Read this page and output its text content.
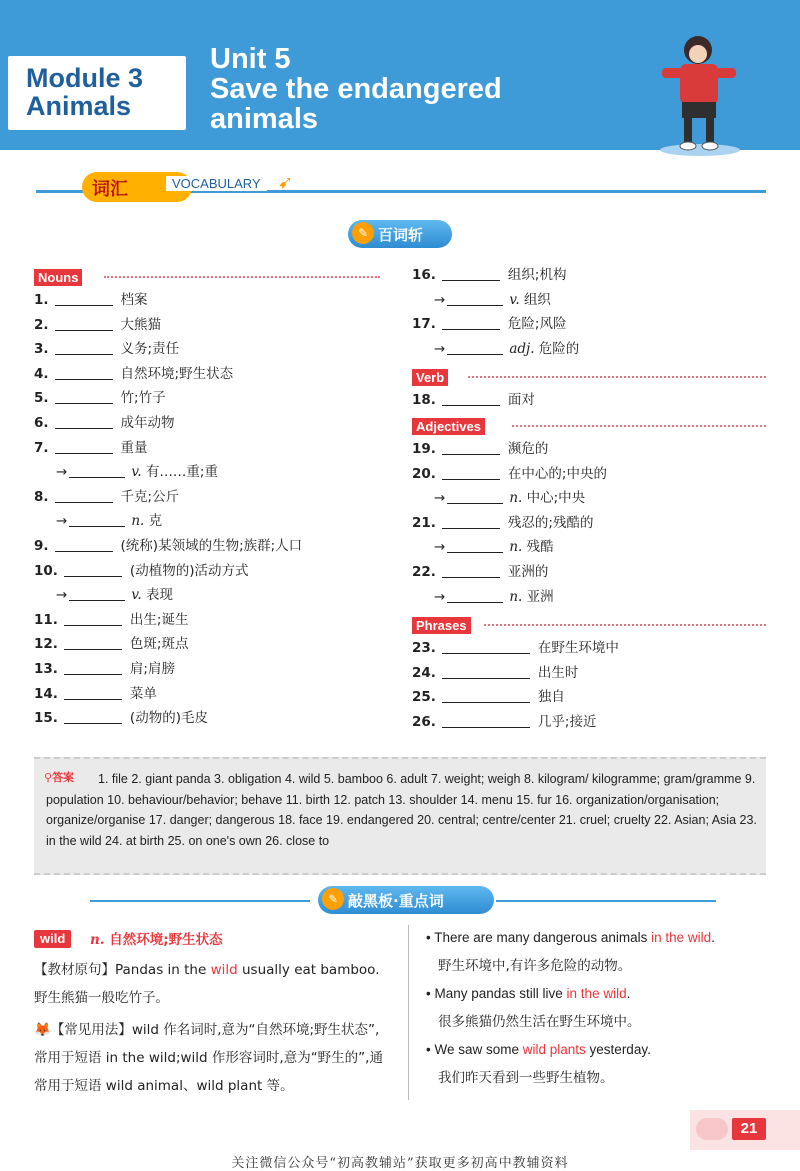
Module 3
Animals
Unit 5
Save the endangered
animals
词汇	VOCABULARY ➹
✎ 百词斩
Nouns
1.	档案
2.	大熊猫
3.	义务;责任
4.	自然环境;野生状态
5.	竹;竹子
6.	成年动物
7.	重量
→	v. 有……重;重
8.	千克;公斤
→	n. 克
9.	(统称)某领域的生物;族群;人口
10.	(动植物的)活动方式
→	v. 表现
11.	出生;诞生
12.	色斑;斑点
13.	肩;肩膀
14.	菜单
15.	(动物的)毛皮
16.	组织;机构
→	v. 组织
17.	危险;风险
→	adj. 危险的
Verb
18.	面对
Adjectives
19.	濒危的
20.	在中心的;中央的
→	n. 中心;中央
21.	残忍的;残酷的
→	n. 残酷
22.	亚洲的
→	n. 亚洲
Phrases
23.	在野生环境中
24.	出生时
25.	独自
26.	几乎;接近
⚲答案	1. file 2. giant panda 3. obligation 4. wild 5. bamboo 6. adult 7. weight; weigh 8. kilogram/ kilogramme; gram/gramme 9. population 10. behaviour/behavior; behave 11. birth 12. patch 13. shoulder 14. menu 15. fur 16. organization/organisation; organize/organise 17. danger; dangerous 18. face 19. endangered 20. central; centre/center 21. cruel; cruelty 22. Asian; Asia 23. in the wild 24. at birth 25. on one's own 26. close to
✎ 敲黑板·重点词
wild	n. 自然环境;野生状态
【教材原句】Pandas in the wild usually eat bamboo.
野生熊猫一般吃竹子。
🦊【常见用法】wild 作名词时,意为“自然环境;野生状态”,常用于短语 in the wild;wild 作形容词时,意为“野生的”,通常用于短语 wild animal、wild plant 等。
• There are many dangerous animals in the wild.
野生环境中,有许多危险的动物。
• Many pandas still live in the wild.
很多熊猫仍然生活在野生环境中。
• We saw some wild plants yesterday.
我们昨天看到一些野生植物。
21
关注微信公众号“初高教辅站”获取更多初高中教辅资料
